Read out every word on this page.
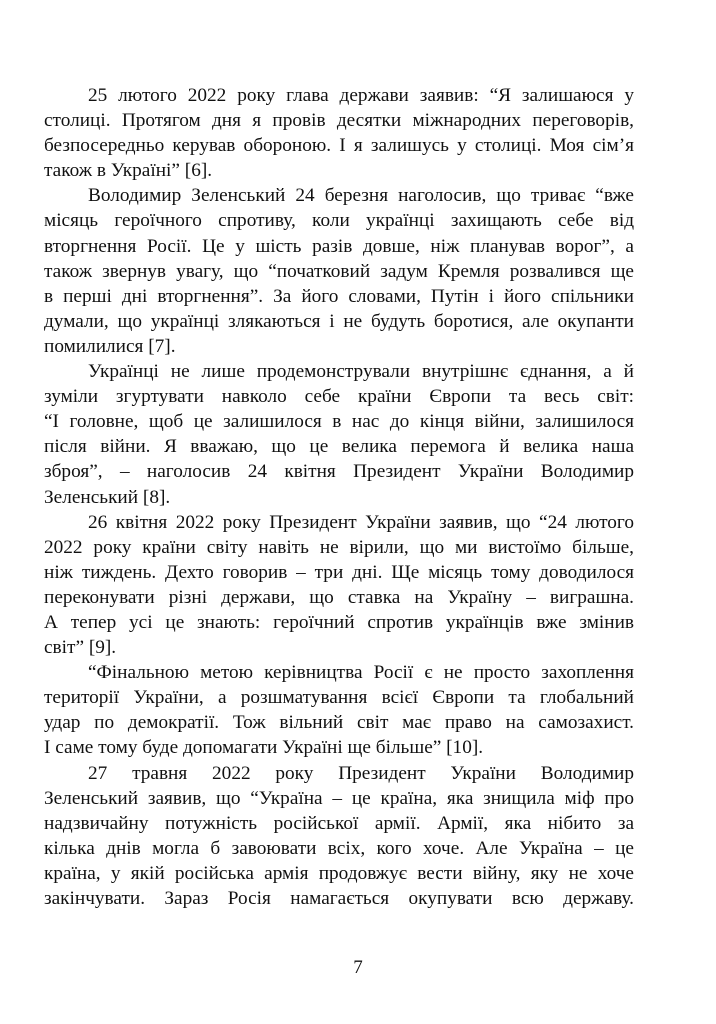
25 лютого 2022 року глава держави заявив: “Я залишаюся у
столиці. Протягом дня я провів десятки міжнародних переговорів,
безпосередньо керував обороною. І я залишусь у столиці. Моя сім’я
також в Україні” [6].
Володимир Зеленський 24 березня наголосив, що триває “вже
місяць героїчного спротиву, коли українці захищають себе від
вторгнення Росії. Це у шість разів довше, ніж планував ворог”, а
також звернув увагу, що “початковий задум Кремля розвалився ще
в перші дні вторгнення”. За його словами, Путін і його спільники
думали, що українці злякаються і не будуть боротися, але окупанти
помилилися [7].
Українці не лише продемонстрували внутрішнє єднання, а й
зуміли згуртувати навколо себе країни Європи та весь світ:
“І головне, щоб це залишилося в нас до кінця війни, залишилося
після війни. Я вважаю, що це велика перемога й велика наша
зброя”, – наголосив 24 квітня Президент України Володимир
Зеленський [8].
26 квітня 2022 року Президент України заявив, що “24 лютого
2022 року країни світу навіть не вірили, що ми вистоїмо більше,
ніж тиждень. Дехто говорив – три дні. Ще місяць тому доводилося
переконувати різні держави, що ставка на Україну – виграшна.
А тепер усі це знають: героїчний спротив українців вже змінив
світ” [9].
“Фінальною метою керівництва Росії є не просто захоплення
території України, а розшматування всієї Європи та глобальний
удар по демократії. Тож вільний світ має право на самозахист.
І саме тому буде допомагати Україні ще більше” [10].
27 травня 2022 року Президент України Володимир
Зеленський заявив, що “Україна – це країна, яка знищила міф про
надзвичайну потужність російської армії. Армії, яка нібито за
кілька днів могла б завоювати всіх, кого хоче. Але Україна – це
країна, у якій російська армія продовжує вести війну, яку не хоче
закінчувати. Зараз Росія намагається окупувати всю державу.
7
